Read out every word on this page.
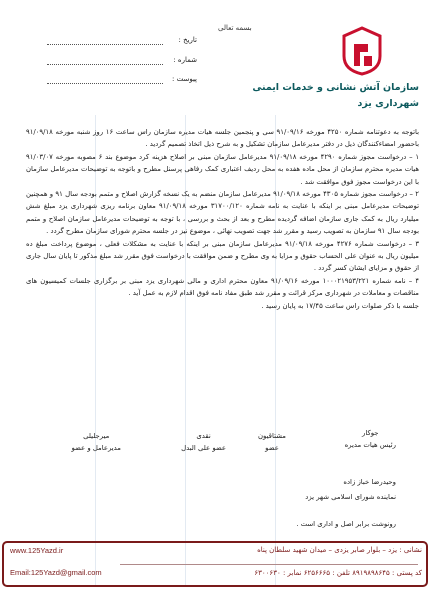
بسمه تعالی
سازمان آتش نشانی و خدمات ایمنی
شهرداری یزد
تاریخ :
شماره :
پیوست :

باتوجه به دعوتنامه شماره ۴۲۵۰ مورخه ۹۱/۰۹/۱۶ سی و پنجمین جلسه هیات مدیره سازمان راس ساعت ۱۶ روز شنبه مورخه ۹۱/۰۹/۱۸ باحضور امضاءکنندگان ذیل در دفتر مدیرعامل سازمان تشکیل و به شرح ذیل اتخاذ تصمیم گردید .

۱ – درخواست مجوز شماره ۴۲۹۰ مورخه ۹۱/۰۹/۱۸ مدیرعامل سازمان مبنی بر اصلاح هزینه کرد موضوع بند ۶ مصوبه مورخه ۹۱/۰۳/۰۷ هیات مدیره محترم سازمان از محل ماده هفده به محل ردیف اعتباری کمک رفاهی پرسنل مطرح و باتوجه به توضیحات مدیرعامل سازمان با این درخواست مجوز فوق موافقت شد .

۲ – درخواست مجوز شماره ۴۳۰۵ مورخه ۹۱/۰۹/۱۸ مدیرعامل سازمان منضم به یک نسخه گزارش اصلاح و متمم بودجه سال ۹۱ و همچنین توضیحات مدیرعامل مبنی بر اینکه با عنایت به نامه شماره ۳۱۷۰۰/۱۲۰ مورخه ۹۱/۰۹/۱۸ معاون برنامه ریزی شهرداری یزد مبلغ شش میلیارد ریال به کمک جاری سازمان اضافه گردیده مطرح و بعد از بحث و بررسی ، با توجه به توضیحات مدیرعامل سازمان اصلاح و متمم بودجه سال ۹۱ سازمان به تصویب رسید و مقرر شد جهت تصویب نهائی ، موضوع نیز در جلسه محترم شورای سازمان مطرح گردد .

۳ – درخواست شماره ۴۲۷۶ مورخه ۹۱/۰۹/۱۸ مدیرعامل سازمان مبنی بر اینکه با عنایت به مشکلات فعلی ، موضوع پرداخت مبلغ ده میلیون ریال به عنوان علی الحساب حقوق و مزایا به وی مطرح و ضمن موافقت با درخواست فوق مقرر شد مبلغ مذکور تا پایان سال جاری از حقوق و مزایای ایشان کسر گردد .

۴ – نامه شماره ۱۰۰۰۲۱۹۵۳/۲۲۱ مورخه ۹۱/۰۹/۱۶ معاون محترم اداری و مالی شهرداری یزد مبنی بر برگزاری جلسات کمیسیون های مناقصات و معاملات در شهرداری مرکز قرائت و مقرر شد طبق مفاد نامه فوق اقدام لازم به عمل آید .

جلسه با ذکر صلوات راس ساعت ۱۷/۴۵ به پایان رسید .

جوکار
رئیس هیات مدیره
مشتاقیون
عضو
نقدی
عضو علی البدل
میرجلیلی
مدیرعامل و عضو
وحیدرضا خباز زاده
نماینده شورای اسلامی شهر یزد
رونوشت برابر اصل و اداری است .
نشانی : یزد – بلوار صابر یزدی – میدان شهید سلطان پناه
کد پستی : ۸۹۱۹۸۹۸۶۴۵ تلفن : ۶۲۵۶۶۶۵ نمابر : ۶۳۰۰۶۳۰
www.125Yazd.ir
Email:125Yazd@gmail.com
